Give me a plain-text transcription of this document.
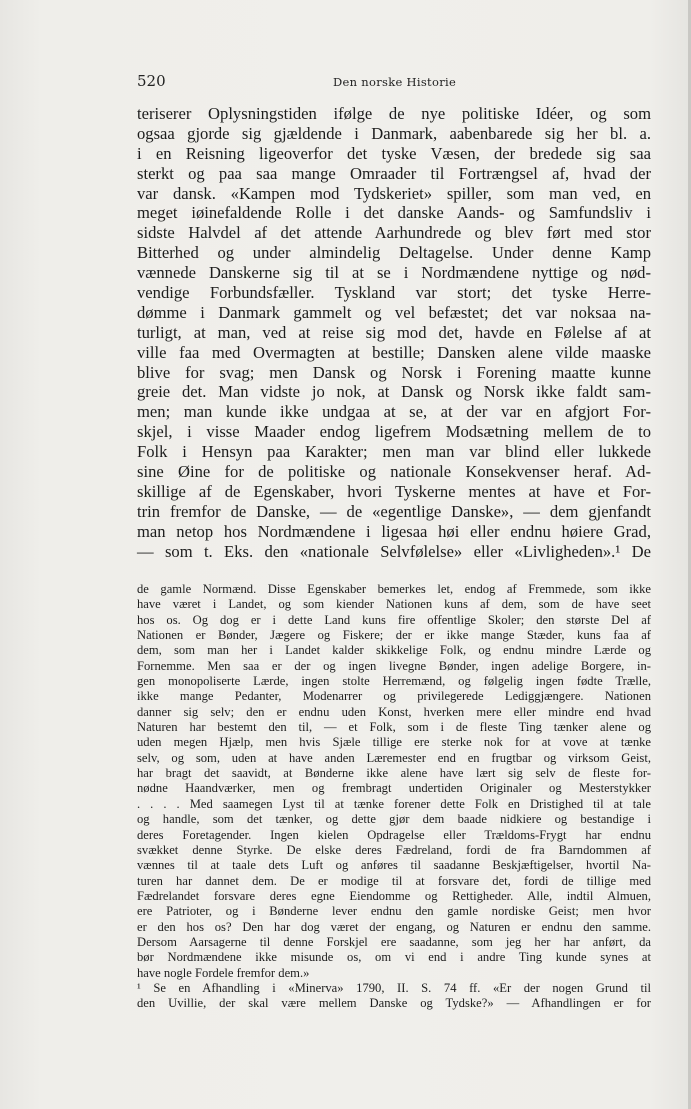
520	Den norske Historie
teriserer Oplysningstiden ifølge de nye politiske Idéer, og som
ogsaa gjorde sig gjældende i Danmark, aabenbarede sig her bl. a.
i en Reisning ligeoverfor det tyske Væsen, der bredede sig saa
sterkt og paa saa mange Omraader til Fortrængsel af, hvad der
var dansk. «Kampen mod Tydskeriet» spiller, som man ved, en
meget iøinefaldende Rolle i det danske Aands- og Samfundsliv i
sidste Halvdel af det attende Aarhundrede og blev ført med stor
Bitterhed og under almindelig Deltagelse. Under denne Kamp
vænnede Danskerne sig til at se i Nordmændene nyttige og nød-
vendige Forbundsfæller. Tyskland var stort; det tyske Herre-
dømme i Danmark gammelt og vel befæstet; det var noksaa na-
turligt, at man, ved at reise sig mod det, havde en Følelse af at
ville faa med Overmagten at bestille; Dansken alene vilde maaske
blive for svag; men Dansk og Norsk i Forening maatte kunne
greie det. Man vidste jo nok, at Dansk og Norsk ikke faldt sam-
men; man kunde ikke undgaa at se, at der var en afgjort For-
skjel, i visse Maader endog ligefrem Modsætning mellem de to
Folk i Hensyn paa Karakter; men man var blind eller lukkede
sine Øine for de politiske og nationale Konsekvenser heraf. Ad-
skillige af de Egenskaber, hvori Tyskerne mentes at have et For-
trin fremfor de Danske, — de «egentlige Danske», — dem gjenfandt
man netop hos Nordmændene i ligesaa høi eller endnu høiere Grad,
— som t. Eks. den «nationale Selvfølelse» eller «Livligheden».¹ De
de gamle Normænd. Disse Egenskaber bemerkes let, endog af Fremmede, som ikke
have været i Landet, og som kiender Nationen kuns af dem, som de have seet
hos os. Og dog er i dette Land kuns fire offentlige Skoler; den største Del af
Nationen er Bønder, Jægere og Fiskere; der er ikke mange Stæder, kuns faa af
dem, som man her i Landet kalder skikkelige Folk, og endnu mindre Lærde og
Fornemme. Men saa er der og ingen livegne Bønder, ingen adelige Borgere, in-
gen monopoliserte Lærde, ingen stolte Herremænd, og følgelig ingen fødte Trælle,
ikke mange Pedanter, Modenarrer og privilegerede Lediggjængere. Nationen
danner sig selv; den er endnu uden Konst, hverken mere eller mindre end hvad
Naturen har bestemt den til, — et Folk, som i de fleste Ting tænker alene og
uden megen Hjælp, men hvis Sjæle tillige ere sterke nok for at vove at tænke
selv, og som, uden at have anden Læremester end en frugtbar og virksom Geist,
har bragt det saavidt, at Bønderne ikke alene have lært sig selv de fleste for-
nødne Haandværker, men og frembragt undertiden Originaler og Mesterstykker
. . . . Med saamegen Lyst til at tænke forener dette Folk en Dristighed til at tale
og handle, som det tænker, og dette gjør dem baade nidkiere og bestandige i
deres Foretagender. Ingen kielen Opdragelse eller Trældoms-Frygt har endnu
svækket denne Styrke. De elske deres Fædreland, fordi de fra Barndommen af
vænnes til at taale dets Luft og anføres til saadanne Beskjæftigelser, hvortil Na-
turen har dannet dem. De er modige til at forsvare det, fordi de tillige med
Fædrelandet forsvare deres egne Eiendomme og Rettigheder. Alle, indtil Almuen,
ere Patrioter, og i Bønderne lever endnu den gamle nordiske Geist; men hvor
er den hos os? Den har dog været der engang, og Naturen er endnu den samme.
Dersom Aarsagerne til denne Forskjel ere saadanne, som jeg her har anført, da
bør Nordmændene ikke misunde os, om vi end i andre Ting kunde synes at
have nogle Fordele fremfor dem.»
¹ Se en Afhandling i «Minerva» 1790, II. S. 74 ff. «Er der nogen Grund til
den Uvillie, der skal være mellem Danske og Tydske?» — Afhandlingen er for
